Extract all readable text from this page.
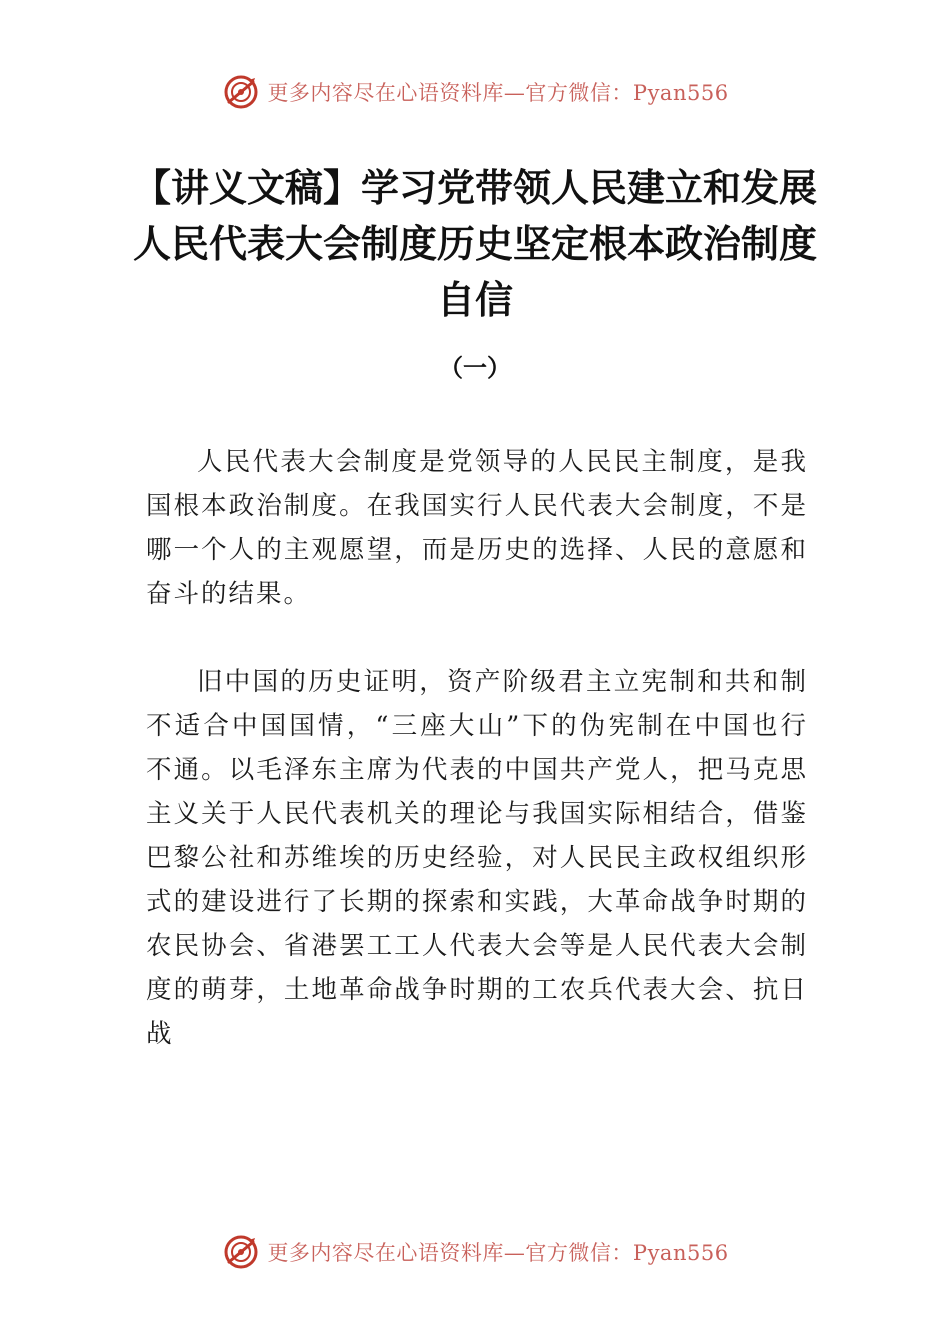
更多内容尽在心语资料库—官方微信：Pyan556
【讲义文稿】学习党带领人民建立和发展人民代表大会制度历史坚定根本政治制度自信
（一）

人民代表大会制度是党领导的人民民主制度，是我国根本政治制度。在我国实行人民代表大会制度，不是哪一个人的主观愿望，而是历史的选择、人民的意愿和奋斗的结果。

旧中国的历史证明，资产阶级君主立宪制和共和制不适合中国国情，“三座大山”下的伪宪制在中国也行不通。以毛泽东主席为代表的中国共产党人，把马克思主义关于人民代表机关的理论与我国实际相结合，借鉴巴黎公社和苏维埃的历史经验，对人民民主政权组织形式的建设进行了长期的探索和实践，大革命战争时期的农民协会、省港罢工工人代表大会等是人民代表大会制度的萌芽，土地革命战争时期的工农兵代表大会、抗日战

更多内容尽在心语资料库—官方微信：Pyan556
